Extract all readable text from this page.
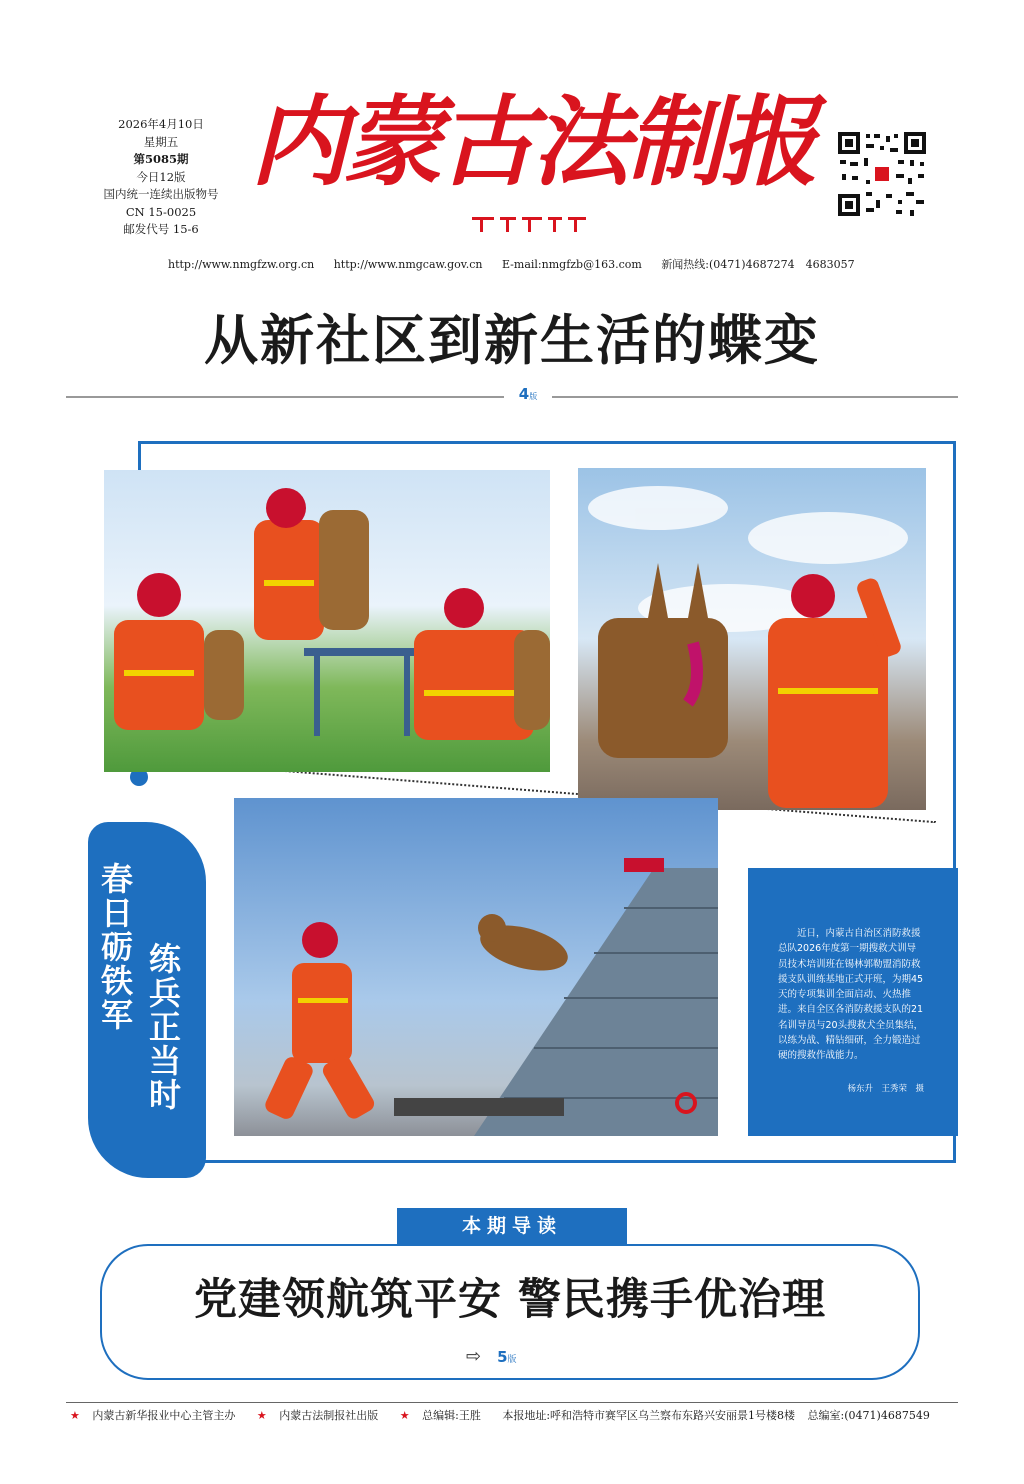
2026年4月10日
星期五
第5085期
今日12版
国内统一连续出版物号
CN 15-0025
邮发代号 15-6
内蒙古法制报
http://www.nmgfzw.org.cn http://www.nmgcaw.gov.cn E-mail:nmgfzb@163.com 新闻热线:(0471)4687274　4683057
从新社区到新生活的蝶变
4版
春日砺铁军 练兵正当时
近日，内蒙古自治区消防救援总队2026年度第一期搜救犬训导员技术培训班在锡林郭勒盟消防救援支队训练基地正式开班，为期45天的专项集训全面启动、火热推进。来自全区各消防救援支队的21名训导员与20头搜救犬全员集结，以练为战、精钻细研，全力锻造过硬的搜救作战能力。
杨东升　王秀荣　摄
本期导读
党建领航筑平安 警民携手优治理
⇨ 5版
★ 内蒙古新华报业中心主管主办 ★ 内蒙古法制报社出版 ★ 总编辑:王胜 本报地址:呼和浩特市赛罕区乌兰察布东路兴安丽景1号楼8楼 总编室:(0471)4687549
